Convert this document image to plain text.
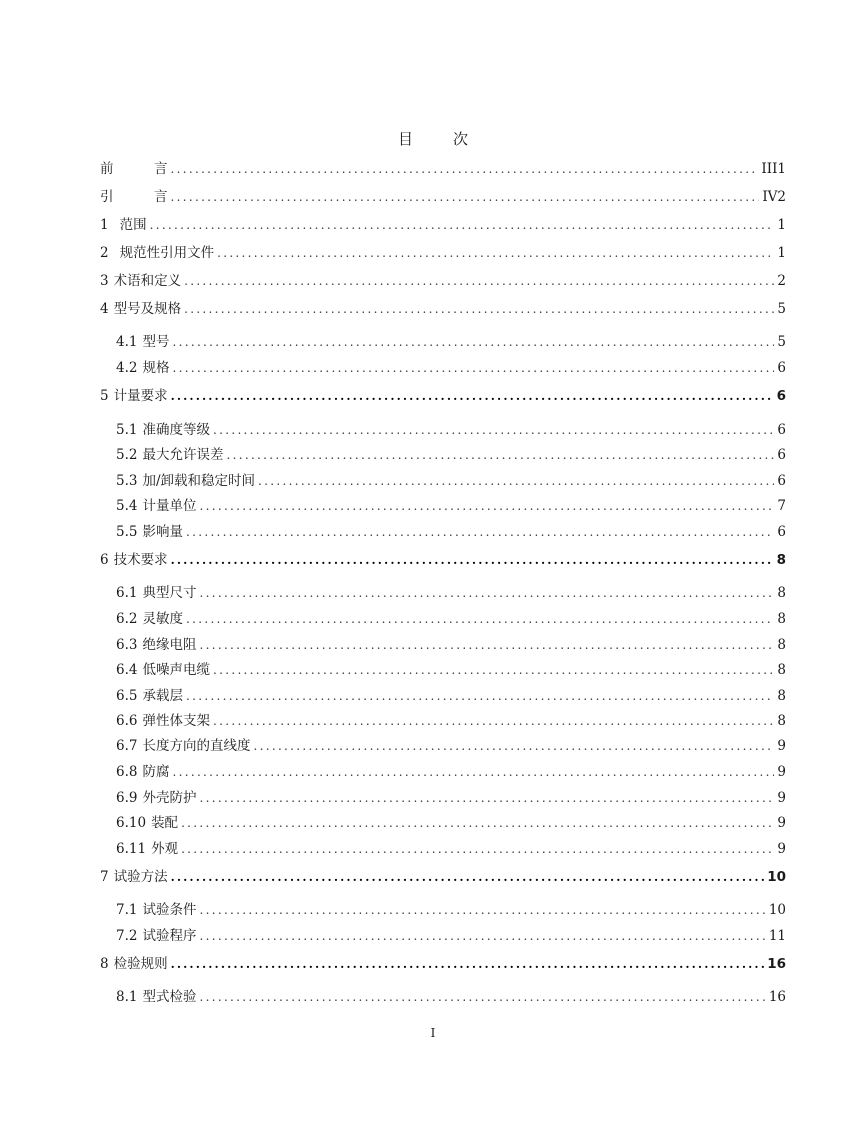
目	次
前	言 .....	III1
引	言 .....	IV2
1 范围 .....	1
2 规范性引用文件 .....	1
3 术语和定义 .....	2
4 型号及规格 .....	5
4.1 型号 .....	5
4.2 规格 .....	6
5 计量要求 .....	6
5.1 准确度等级 .....	6
5.2 最大允许误差 .....	6
5.3 加/卸载和稳定时间 .....	6
5.4 计量单位 .....	7
5.5 影响量 .....	6
6 技术要求 .....	8
6.1 典型尺寸 .....	8
6.2 灵敏度 .....	8
6.3 绝缘电阻 .....	8
6.4 低噪声电缆 .....	8
6.5 承载层 .....	8
6.6 弹性体支架 .....	8
6.7 长度方向的直线度 .....	9
6.8 防腐 .....	9
6.9 外壳防护 .....	9
6.10 装配 .....	9
6.11 外观 .....	9
7 试验方法 .....	10
7.1 试验条件 .....	10
7.2 试验程序 .....	11
8 检验规则 .....	16
8.1 型式检验 .....	16
I
